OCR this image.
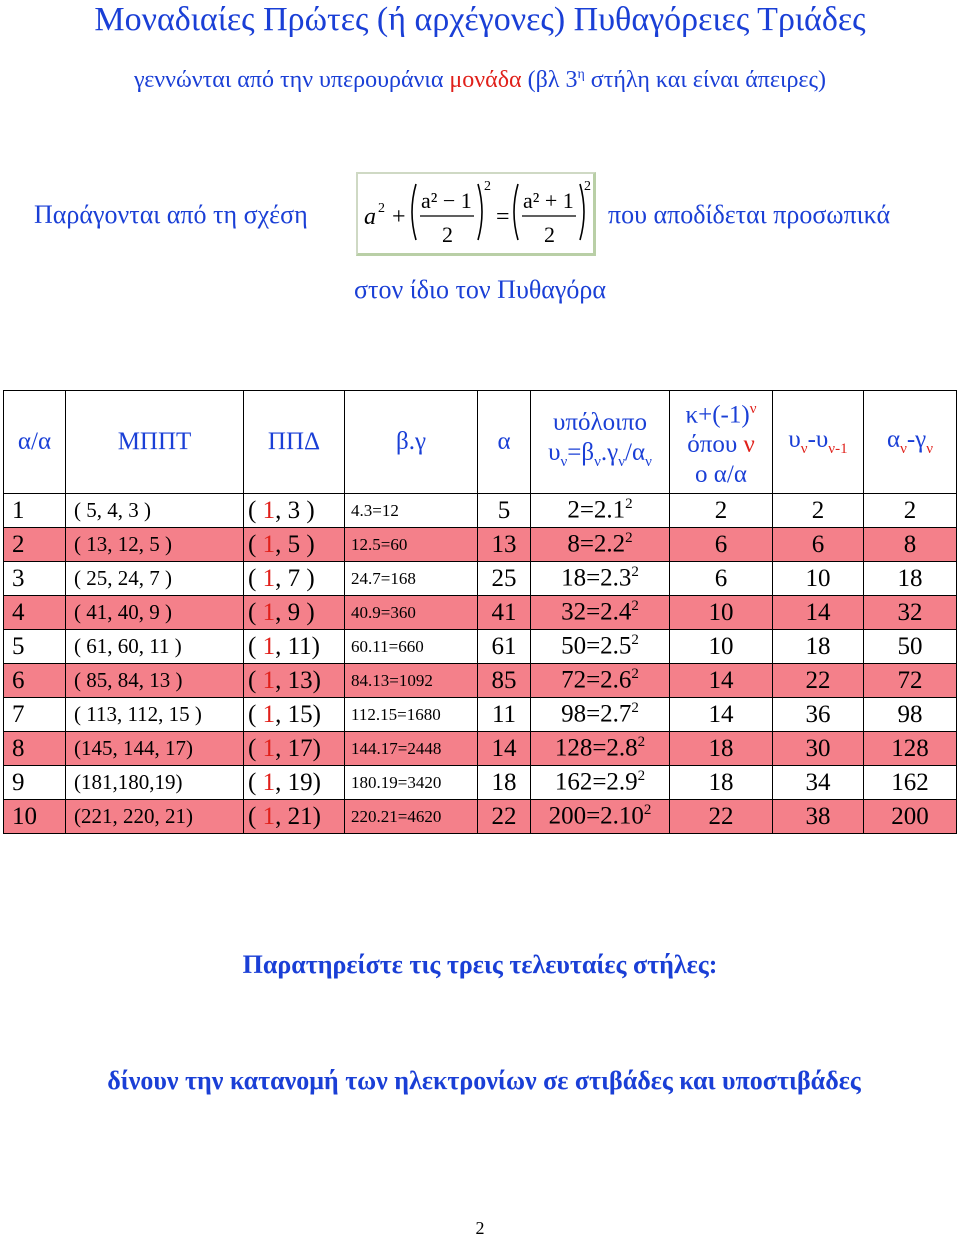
Μοναδιαίες Πρώτες (ή αρχέγονες) Πυθαγόρειες Τριάδες
γεννώνται από την υπερουράνια μονάδα (βλ $3^\eta$ στήλη και είναι άπειρες)
Παράγονται από τη σχέση a 2 +
a² − 1
2
2
=
a² + 1
2
2
που αποδίδεται προσωπικά
στον ίδιο τον Πυθαγόρα
α/α	ΜΠΠΤ	ΠΠΔ	β.γ	α	υπόλοιπο
$\upsilon_\nu=\beta_\nu.\gamma_\nu/\alpha_\nu$	$\kappa+(-1)^\nu$
όπου ν
ο α/α	$\upsilon_\nu-\upsilon_{\nu-1}$	$\alpha_\nu-\gamma_\nu$
1	( 5, 4, 3 )	( 1, 3 )	4.3=12	5	$2=2.1^2$	2	2	2
2	( 13, 12, 5 )	( 1, 5 )	12.5=60	13	$8=2.2^2$	6	6	8
3	( 25, 24, 7 )	( 1, 7 )	24.7=168	25	$18=2.3^2$	6	10	18
4	( 41, 40, 9 )	( 1, 9 )	40.9=360	41	$32=2.4^2$	10	14	32
5	( 61, 60, 11 )	( 1, 11)	60.11=660	61	$50=2.5^2$	10	18	50
6	( 85, 84, 13 )	( 1, 13)	84.13=1092	85	$72=2.6^2$	14	22	72
7	( 113, 112, 15 )	( 1, 15)	112.15=1680	11	$98=2.7^2$	14	36	98
8	(145, 144, 17)	( 1, 17)	144.17=2448	14	$128=2.8^2$	18	30	128
9	(181,180,19)	( 1, 19)	180.19=3420	18	$162=2.9^2$	18	34	162
10	(221, 220, 21)	( 1, 21)	220.21=4620	22	$200=2.10^2$	22	38	200
Παρατηρείστε τις τρεις τελευταίες στήλες:
δίνουν την κατανομή των ηλεκτρονίων σε στιβάδες και υποστιβάδες
2
